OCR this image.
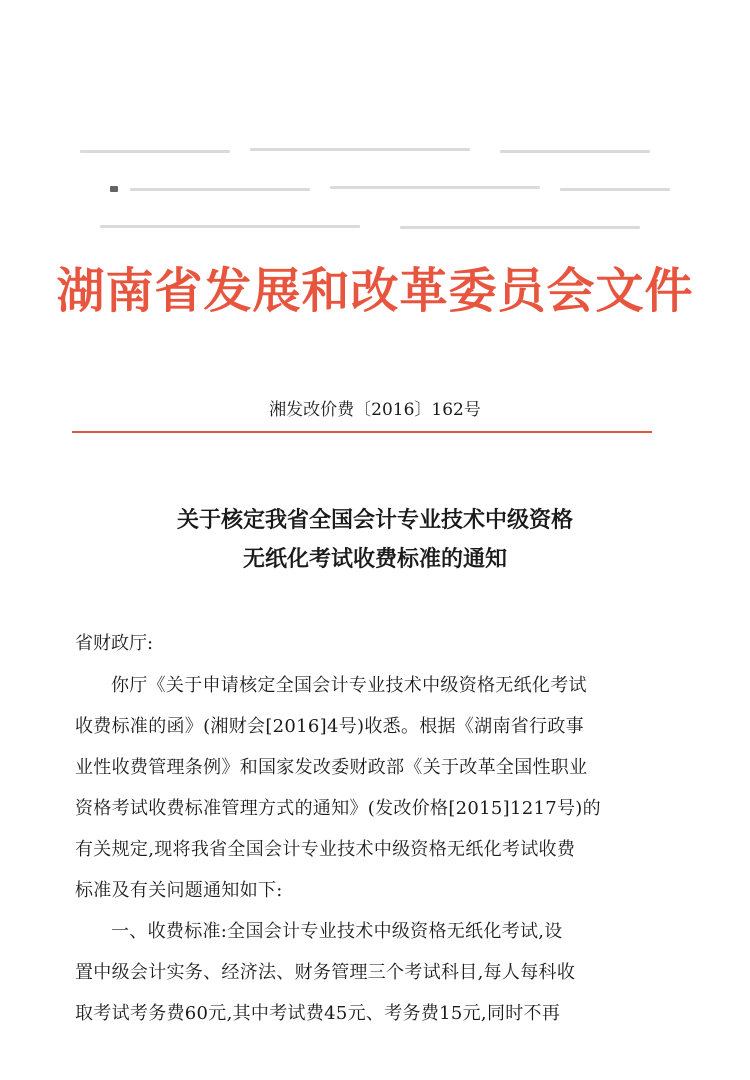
湖南省发展和改革委员会文件
湘发改价费〔2016〕162号
关于核定我省全国会计专业技术中级资格
无纸化考试收费标准的通知
省财政厅:
你厅《关于申请核定全国会计专业技术中级资格无纸化考试
收费标准的函》(湘财会[2016]4号)收悉。根据《湖南省行政事
业性收费管理条例》和国家发改委财政部《关于改革全国性职业
资格考试收费标准管理方式的通知》(发改价格[2015]1217号)的
有关规定,现将我省全国会计专业技术中级资格无纸化考试收费
标准及有关问题通知如下:
一、收费标准:全国会计专业技术中级资格无纸化考试,设
置中级会计实务、经济法、财务管理三个考试科目,每人每科收
取考试考务费60元,其中考试费45元、考务费15元,同时不再
